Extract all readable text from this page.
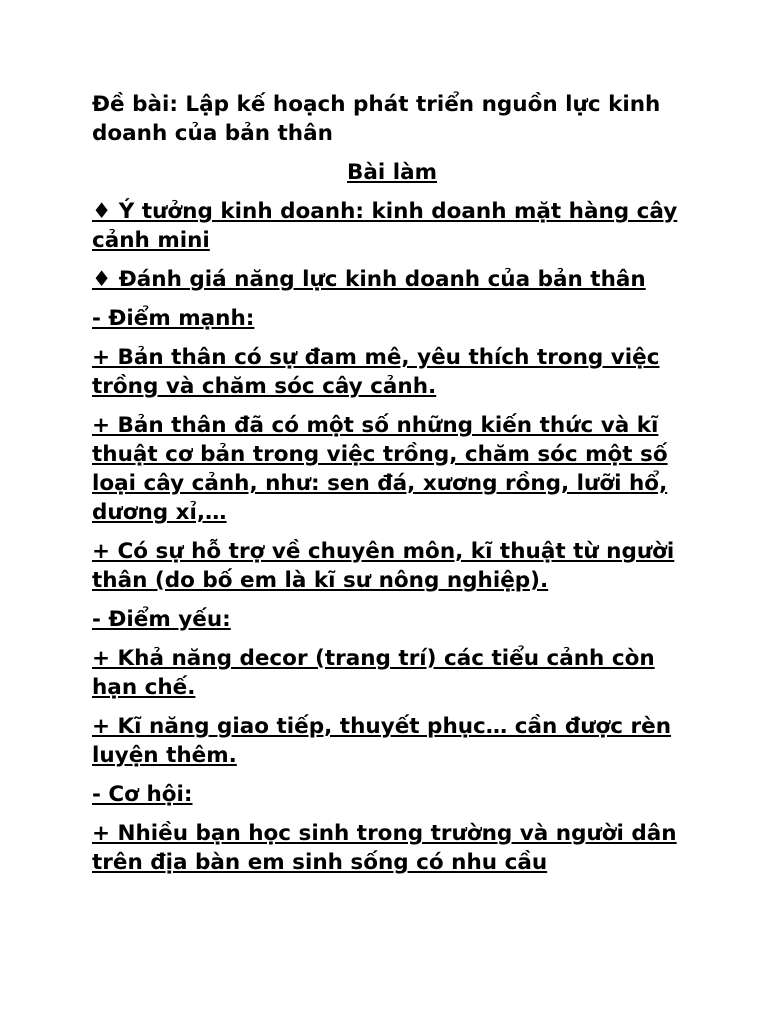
Đề bài: Lập kế hoạch phát triển nguồn lực kinh doanh của bản thân
Bài làm
♦ Ý tưởng kinh doanh: kinh doanh mặt hàng cây cảnh mini
♦ Đánh giá năng lực kinh doanh của bản thân
- Điểm mạnh:
+ Bản thân có sự đam mê, yêu thích trong việc trồng và chăm sóc cây cảnh.
+ Bản thân đã có một số những kiến thức và kĩ thuật cơ bản trong việc trồng, chăm sóc một số loại cây cảnh, như: sen đá, xương rồng, lưỡi hổ, dương xỉ,…
+ Có sự hỗ trợ về chuyên môn, kĩ thuật từ người thân (do bố em là kĩ sư nông nghiệp).
- Điểm yếu:
+ Khả năng decor (trang trí) các tiểu cảnh còn hạn chế.
+ Kĩ năng giao tiếp, thuyết phục… cần được rèn luyện thêm.
- Cơ hội:
+ Nhiều bạn học sinh trong trường và người dân trên địa bàn em sinh sống có nhu cầu
